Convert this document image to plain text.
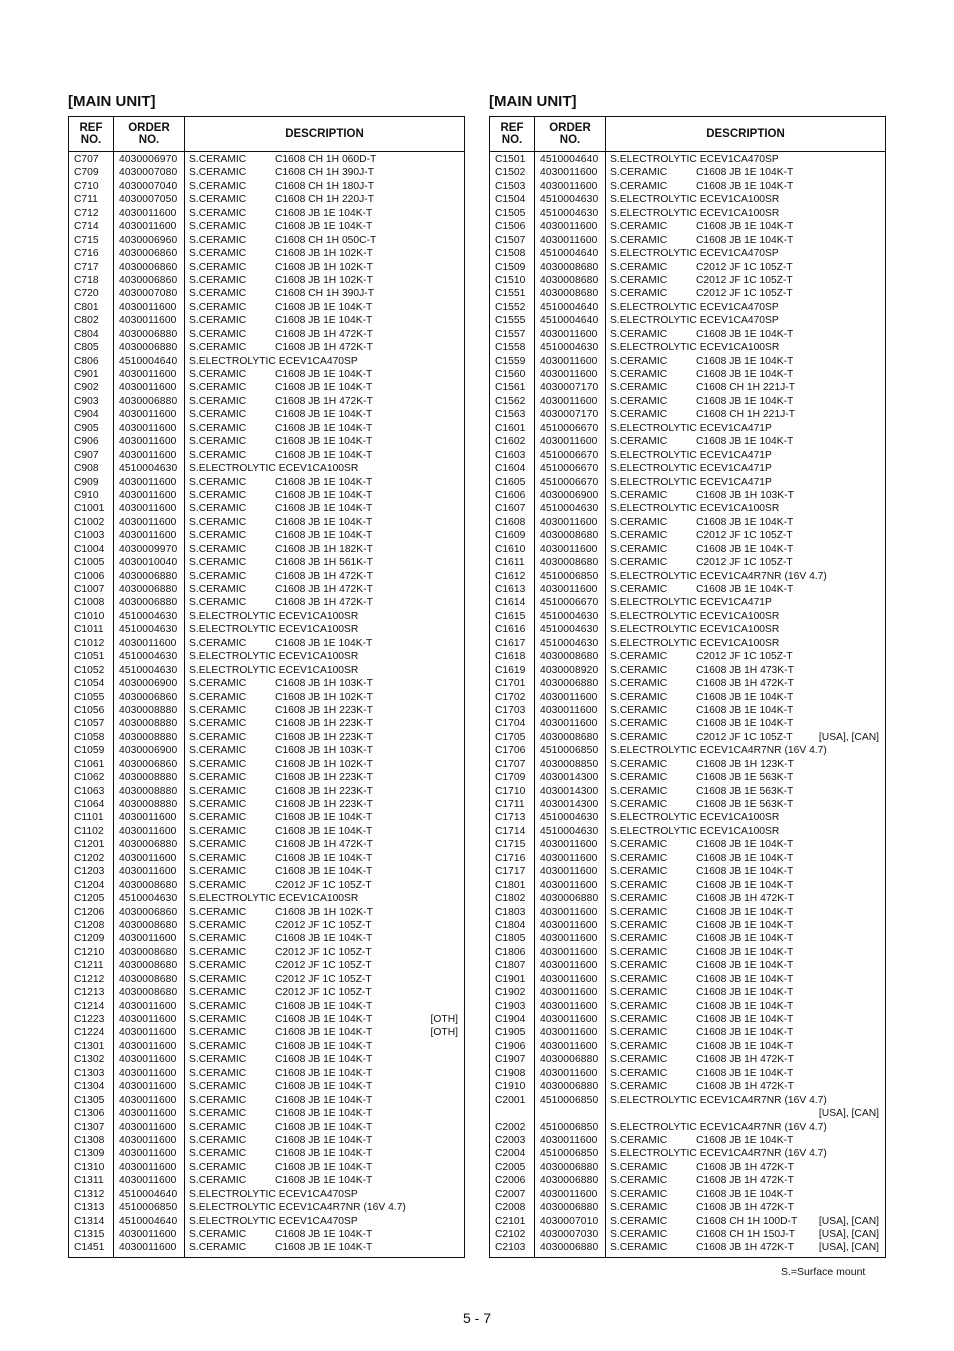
[MAIN UNIT]
REF
NO.
ORDER
NO.	DESCRIPTION
C707	4030006970	S.CERAMIC	C1608 CH 1H 060D-T
C709	4030007080	S.CERAMIC	C1608 CH 1H 390J-T
C710	4030007040	S.CERAMIC	C1608 CH 1H 180J-T
C711	4030007050	S.CERAMIC	C1608 CH 1H 220J-T
C712	4030011600	S.CERAMIC	C1608 JB 1E 104K-T
C714	4030011600	S.CERAMIC	C1608 JB 1E 104K-T
C715	4030006960	S.CERAMIC	C1608 CH 1H 050C-T
C716	4030006860	S.CERAMIC	C1608 JB 1H 102K-T
C717	4030006860	S.CERAMIC	C1608 JB 1H 102K-T
C718	4030006860	S.CERAMIC	C1608 JB 1H 102K-T
C720	4030007080	S.CERAMIC	C1608 CH 1H 390J-T
C801	4030011600	S.CERAMIC	C1608 JB 1E 104K-T
C802	4030011600	S.CERAMIC	C1608 JB 1E 104K-T
C804	4030006880	S.CERAMIC	C1608 JB 1H 472K-T
C805	4030006880	S.CERAMIC	C1608 JB 1H 472K-T
C806	4510004640	S.ELECTROLYTIC ECEV1CA470SP
C901	4030011600	S.CERAMIC	C1608 JB 1E 104K-T
C902	4030011600	S.CERAMIC	C1608 JB 1E 104K-T
C903	4030006880	S.CERAMIC	C1608 JB 1H 472K-T
C904	4030011600	S.CERAMIC	C1608 JB 1E 104K-T
C905	4030011600	S.CERAMIC	C1608 JB 1E 104K-T
C906	4030011600	S.CERAMIC	C1608 JB 1E 104K-T
C907	4030011600	S.CERAMIC	C1608 JB 1E 104K-T
C908	4510004630	S.ELECTROLYTIC ECEV1CA100SR
C909	4030011600	S.CERAMIC	C1608 JB 1E 104K-T
C910	4030011600	S.CERAMIC	C1608 JB 1E 104K-T
C1001	4030011600	S.CERAMIC	C1608 JB 1E 104K-T
C1002	4030011600	S.CERAMIC	C1608 JB 1E 104K-T
C1003	4030011600	S.CERAMIC	C1608 JB 1E 104K-T
C1004	4030009970	S.CERAMIC	C1608 JB 1H 182K-T
C1005	4030010040	S.CERAMIC	C1608 JB 1H 561K-T
C1006	4030006880	S.CERAMIC	C1608 JB 1H 472K-T
C1007	4030006880	S.CERAMIC	C1608 JB 1H 472K-T
C1008	4030006880	S.CERAMIC	C1608 JB 1H 472K-T
C1010	4510004630	S.ELECTROLYTIC ECEV1CA100SR
C1011	4510004630	S.ELECTROLYTIC ECEV1CA100SR
C1012	4030011600	S.CERAMIC	C1608 JB 1E 104K-T
C1051	4510004630	S.ELECTROLYTIC ECEV1CA100SR
C1052	4510004630	S.ELECTROLYTIC ECEV1CA100SR
C1054	4030006900	S.CERAMIC	C1608 JB 1H 103K-T
C1055	4030006860	S.CERAMIC	C1608 JB 1H 102K-T
C1056	4030008880	S.CERAMIC	C1608 JB 1H 223K-T
C1057	4030008880	S.CERAMIC	C1608 JB 1H 223K-T
C1058	4030008880	S.CERAMIC	C1608 JB 1H 223K-T
C1059	4030006900	S.CERAMIC	C1608 JB 1H 103K-T
C1061	4030006860	S.CERAMIC	C1608 JB 1H 102K-T
C1062	4030008880	S.CERAMIC	C1608 JB 1H 223K-T
C1063	4030008880	S.CERAMIC	C1608 JB 1H 223K-T
C1064	4030008880	S.CERAMIC	C1608 JB 1H 223K-T
C1101	4030011600	S.CERAMIC	C1608 JB 1E 104K-T
C1102	4030011600	S.CERAMIC	C1608 JB 1E 104K-T
C1201	4030006880	S.CERAMIC	C1608 JB 1H 472K-T
C1202	4030011600	S.CERAMIC	C1608 JB 1E 104K-T
C1203	4030011600	S.CERAMIC	C1608 JB 1E 104K-T
C1204	4030008680	S.CERAMIC	C2012 JF 1C 105Z-T
C1205	4510004630	S.ELECTROLYTIC ECEV1CA100SR
C1206	4030006860	S.CERAMIC	C1608 JB 1H 102K-T
C1208	4030008680	S.CERAMIC	C2012 JF 1C 105Z-T
C1209	4030011600	S.CERAMIC	C1608 JB 1E 104K-T
C1210	4030008680	S.CERAMIC	C2012 JF 1C 105Z-T
C1211	4030008680	S.CERAMIC	C2012 JF 1C 105Z-T
C1212	4030008680	S.CERAMIC	C2012 JF 1C 105Z-T
C1213	4030008680	S.CERAMIC	C2012 JF 1C 105Z-T
C1214	4030011600	S.CERAMIC	C1608 JB 1E 104K-T
C1223	4030011600	S.CERAMIC	C1608 JB 1E 104K-T	[OTH]
C1224	4030011600	S.CERAMIC	C1608 JB 1E 104K-T	[OTH]
C1301	4030011600	S.CERAMIC	C1608 JB 1E 104K-T
C1302	4030011600	S.CERAMIC	C1608 JB 1E 104K-T
C1303	4030011600	S.CERAMIC	C1608 JB 1E 104K-T
C1304	4030011600	S.CERAMIC	C1608 JB 1E 104K-T
C1305	4030011600	S.CERAMIC	C1608 JB 1E 104K-T
C1306	4030011600	S.CERAMIC	C1608 JB 1E 104K-T
C1307	4030011600	S.CERAMIC	C1608 JB 1E 104K-T
C1308	4030011600	S.CERAMIC	C1608 JB 1E 104K-T
C1309	4030011600	S.CERAMIC	C1608 JB 1E 104K-T
C1310	4030011600	S.CERAMIC	C1608 JB 1E 104K-T
C1311	4030011600	S.CERAMIC	C1608 JB 1E 104K-T
C1312	4510004640	S.ELECTROLYTIC ECEV1CA470SP
C1313	4510006850	S.ELECTROLYTIC ECEV1CA4R7NR (16V 4.7)
C1314	4510004640	S.ELECTROLYTIC ECEV1CA470SP
C1315	4030011600	S.CERAMIC	C1608 JB 1E 104K-T
C1451	4030011600	S.CERAMIC	C1608 JB 1E 104K-T
[MAIN UNIT]
REF
NO.
ORDER
NO.	DESCRIPTION
C1501	4510004640	S.ELECTROLYTIC ECEV1CA470SP
C1502	4030011600	S.CERAMIC	C1608 JB 1E 104K-T
C1503	4030011600	S.CERAMIC	C1608 JB 1E 104K-T
C1504	4510004630	S.ELECTROLYTIC ECEV1CA100SR
C1505	4510004630	S.ELECTROLYTIC ECEV1CA100SR
C1506	4030011600	S.CERAMIC	C1608 JB 1E 104K-T
C1507	4030011600	S.CERAMIC	C1608 JB 1E 104K-T
C1508	4510004640	S.ELECTROLYTIC ECEV1CA470SP
C1509	4030008680	S.CERAMIC	C2012 JF 1C 105Z-T
C1510	4030008680	S.CERAMIC	C2012 JF 1C 105Z-T
C1551	4030008680	S.CERAMIC	C2012 JF 1C 105Z-T
C1552	4510004640	S.ELECTROLYTIC ECEV1CA470SP
C1555	4510004640	S.ELECTROLYTIC ECEV1CA470SP
C1557	4030011600	S.CERAMIC	C1608 JB 1E 104K-T
C1558	4510004630	S.ELECTROLYTIC ECEV1CA100SR
C1559	4030011600	S.CERAMIC	C1608 JB 1E 104K-T
C1560	4030011600	S.CERAMIC	C1608 JB 1E 104K-T
C1561	4030007170	S.CERAMIC	C1608 CH 1H 221J-T
C1562	4030011600	S.CERAMIC	C1608 JB 1E 104K-T
C1563	4030007170	S.CERAMIC	C1608 CH 1H 221J-T
C1601	4510006670	S.ELECTROLYTIC ECEV1CA471P
C1602	4030011600	S.CERAMIC	C1608 JB 1E 104K-T
C1603	4510006670	S.ELECTROLYTIC ECEV1CA471P
C1604	4510006670	S.ELECTROLYTIC ECEV1CA471P
C1605	4510006670	S.ELECTROLYTIC ECEV1CA471P
C1606	4030006900	S.CERAMIC	C1608 JB 1H 103K-T
C1607	4510004630	S.ELECTROLYTIC ECEV1CA100SR
C1608	4030011600	S.CERAMIC	C1608 JB 1E 104K-T
C1609	4030008680	S.CERAMIC	C2012 JF 1C 105Z-T
C1610	4030011600	S.CERAMIC	C1608 JB 1E 104K-T
C1611	4030008680	S.CERAMIC	C2012 JF 1C 105Z-T
C1612	4510006850	S.ELECTROLYTIC ECEV1CA4R7NR (16V 4.7)
C1613	4030011600	S.CERAMIC	C1608 JB 1E 104K-T
C1614	4510006670	S.ELECTROLYTIC ECEV1CA471P
C1615	4510004630	S.ELECTROLYTIC ECEV1CA100SR
C1616	4510004630	S.ELECTROLYTIC ECEV1CA100SR
C1617	4510004630	S.ELECTROLYTIC ECEV1CA100SR
C1618	4030008680	S.CERAMIC	C2012 JF 1C 105Z-T
C1619	4030008920	S.CERAMIC	C1608 JB 1H 473K-T
C1701	4030006880	S.CERAMIC	C1608 JB 1H 472K-T
C1702	4030011600	S.CERAMIC	C1608 JB 1E 104K-T
C1703	4030011600	S.CERAMIC	C1608 JB 1E 104K-T
C1704	4030011600	S.CERAMIC	C1608 JB 1E 104K-T
C1705	4030008680	S.CERAMIC	C2012 JF 1C 105Z-T	[USA], [CAN]
C1706	4510006850	S.ELECTROLYTIC ECEV1CA4R7NR (16V 4.7)
C1707	4030008850	S.CERAMIC	C1608 JB 1H 123K-T
C1709	4030014300	S.CERAMIC	C1608 JB 1E 563K-T
C1710	4030014300	S.CERAMIC	C1608 JB 1E 563K-T
C1711	4030014300	S.CERAMIC	C1608 JB 1E 563K-T
C1713	4510004630	S.ELECTROLYTIC ECEV1CA100SR
C1714	4510004630	S.ELECTROLYTIC ECEV1CA100SR
C1715	4030011600	S.CERAMIC	C1608 JB 1E 104K-T
C1716	4030011600	S.CERAMIC	C1608 JB 1E 104K-T
C1717	4030011600	S.CERAMIC	C1608 JB 1E 104K-T
C1801	4030011600	S.CERAMIC	C1608 JB 1E 104K-T
C1802	4030006880	S.CERAMIC	C1608 JB 1H 472K-T
C1803	4030011600	S.CERAMIC	C1608 JB 1E 104K-T
C1804	4030011600	S.CERAMIC	C1608 JB 1E 104K-T
C1805	4030011600	S.CERAMIC	C1608 JB 1E 104K-T
C1806	4030011600	S.CERAMIC	C1608 JB 1E 104K-T
C1807	4030011600	S.CERAMIC	C1608 JB 1E 104K-T
C1901	4030011600	S.CERAMIC	C1608 JB 1E 104K-T
C1902	4030011600	S.CERAMIC	C1608 JB 1E 104K-T
C1903	4030011600	S.CERAMIC	C1608 JB 1E 104K-T
C1904	4030011600	S.CERAMIC	C1608 JB 1E 104K-T
C1905	4030011600	S.CERAMIC	C1608 JB 1E 104K-T
C1906	4030011600	S.CERAMIC	C1608 JB 1E 104K-T
C1907	4030006880	S.CERAMIC	C1608 JB 1H 472K-T
C1908	4030011600	S.CERAMIC	C1608 JB 1E 104K-T
C1910	4030006880	S.CERAMIC	C1608 JB 1H 472K-T
C2001	4510006850	S.ELECTROLYTIC ECEV1CA4R7NR (16V 4.7)
[USA], [CAN]
C2002	4510006850	S.ELECTROLYTIC ECEV1CA4R7NR (16V 4.7)
C2003	4030011600	S.CERAMIC	C1608 JB 1E 104K-T
C2004	4510006850	S.ELECTROLYTIC ECEV1CA4R7NR (16V 4.7)
C2005	4030006880	S.CERAMIC	C1608 JB 1H 472K-T
C2006	4030006880	S.CERAMIC	C1608 JB 1H 472K-T
C2007	4030011600	S.CERAMIC	C1608 JB 1E 104K-T
C2008	4030006880	S.CERAMIC	C1608 JB 1H 472K-T
C2101	4030007010	S.CERAMIC	C1608 CH 1H 100D-T	[USA], [CAN]
C2102	4030007030	S.CERAMIC	C1608 CH 1H 150J-T	[USA], [CAN]
C2103	4030006880	S.CERAMIC	C1608 JB 1H 472K-T	[USA], [CAN]
S.=Surface mount
5 - 7
